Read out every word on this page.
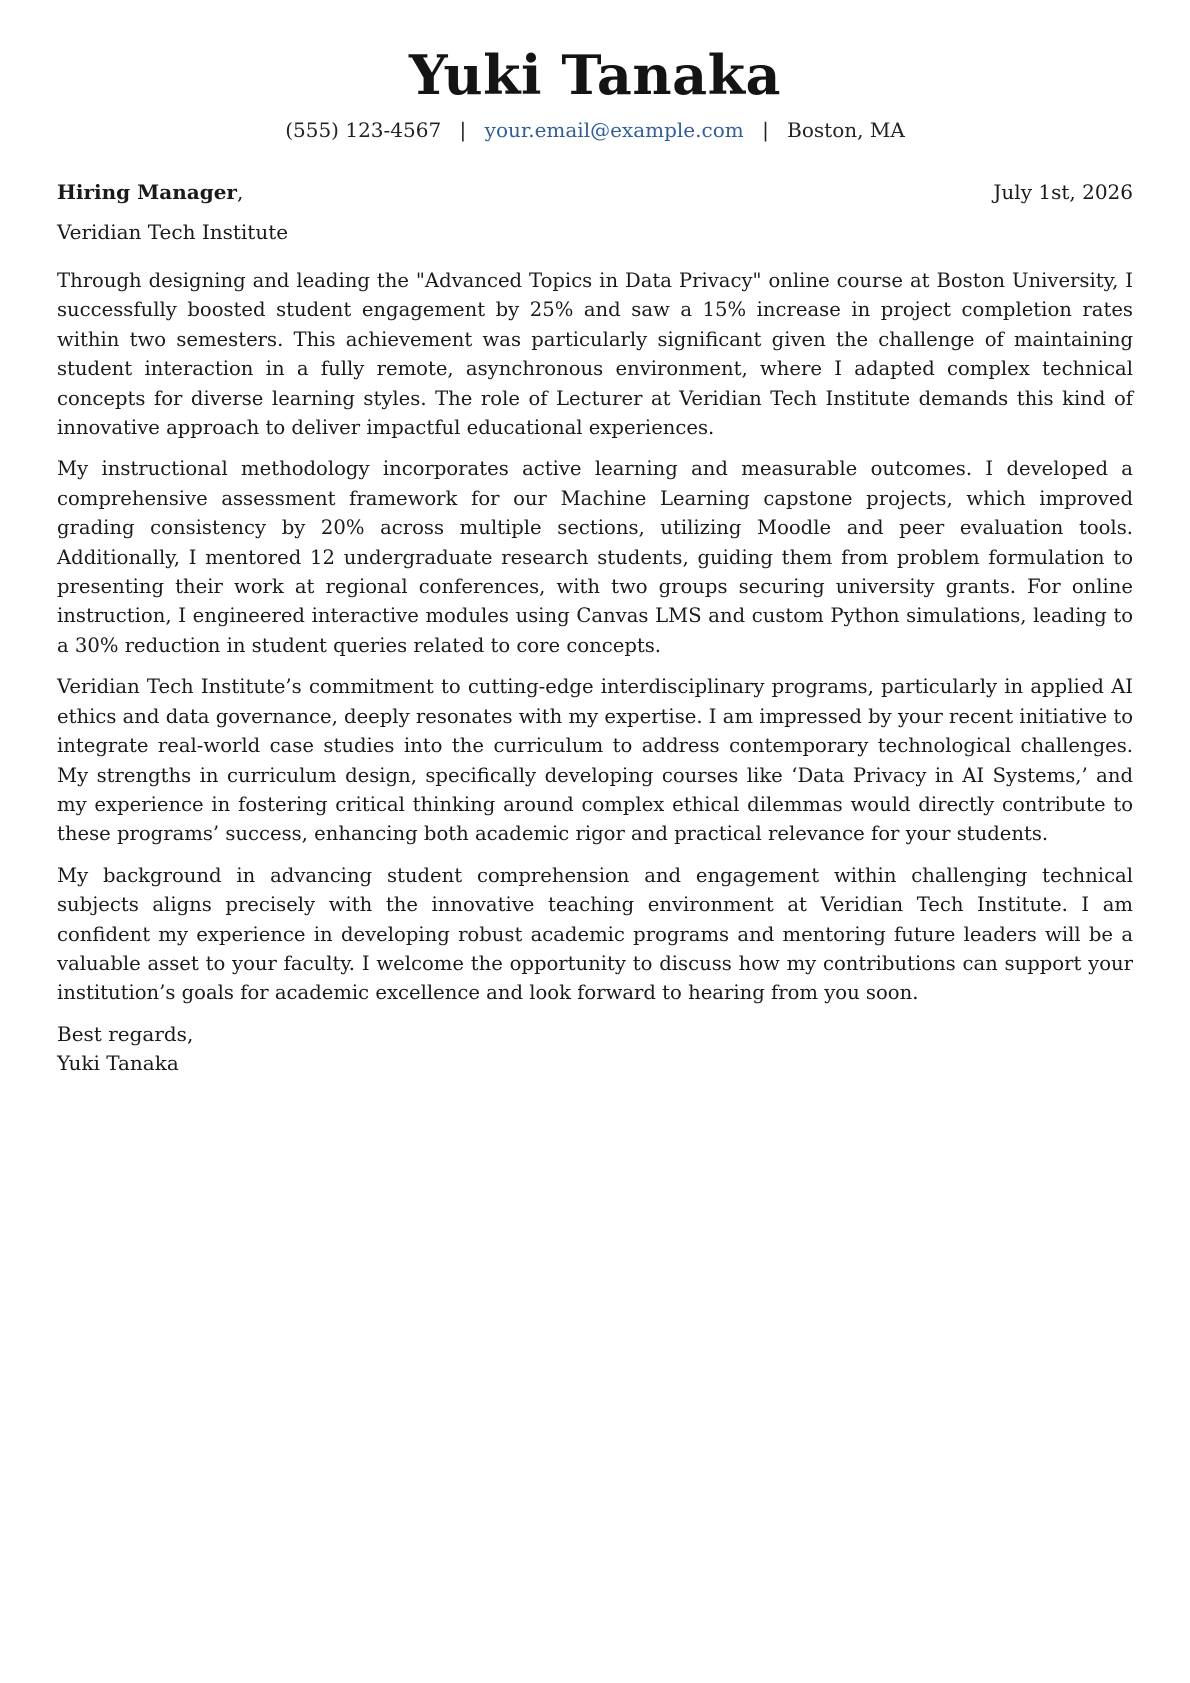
Yuki Tanaka
(555) 123-4567 | your.email@example.com | Boston, MA
Hiring Manager,	July 1st, 2026
Veridian Tech Institute

Through designing and leading the "Advanced Topics in Data Privacy" online course at Boston University, I successfully boosted student engagement by 25% and saw a 15% increase in project completion rates within two semesters. This achievement was particularly significant given the challenge of maintaining student interaction in a fully remote, asynchronous environment, where I adapted complex technical concepts for diverse learning styles. The role of Lecturer at Veridian Tech Institute demands this kind of innovative approach to deliver impactful educational experiences.

My instructional methodology incorporates active learning and measurable outcomes. I developed a comprehensive assessment framework for our Machine Learning capstone projects, which improved grading consistency by 20% across multiple sections, utilizing Moodle and peer evaluation tools. Additionally, I mentored 12 undergraduate research students, guiding them from problem formulation to presenting their work at regional conferences, with two groups securing university grants. For online instruction, I engineered interactive modules using Canvas LMS and custom Python simulations, leading to a 30% reduction in student queries related to core concepts.

Veridian Tech Institute’s commitment to cutting-edge interdisciplinary programs, particularly in applied AI ethics and data governance, deeply resonates with my expertise. I am impressed by your recent initiative to integrate real-world case studies into the curriculum to address contemporary technological challenges. My strengths in curriculum design, specifically developing courses like ‘Data Privacy in AI Systems,’ and my experience in fostering critical thinking around complex ethical dilemmas would directly contribute to these programs’ success, enhancing both academic rigor and practical relevance for your students.

My background in advancing student comprehension and engagement within challenging technical subjects aligns precisely with the innovative teaching environment at Veridian Tech Institute. I am confident my experience in developing robust academic programs and mentoring future leaders will be a valuable asset to your faculty. I welcome the opportunity to discuss how my contributions can support your institution’s goals for academic excellence and look forward to hearing from you soon.

Best regards,
Yuki Tanaka
